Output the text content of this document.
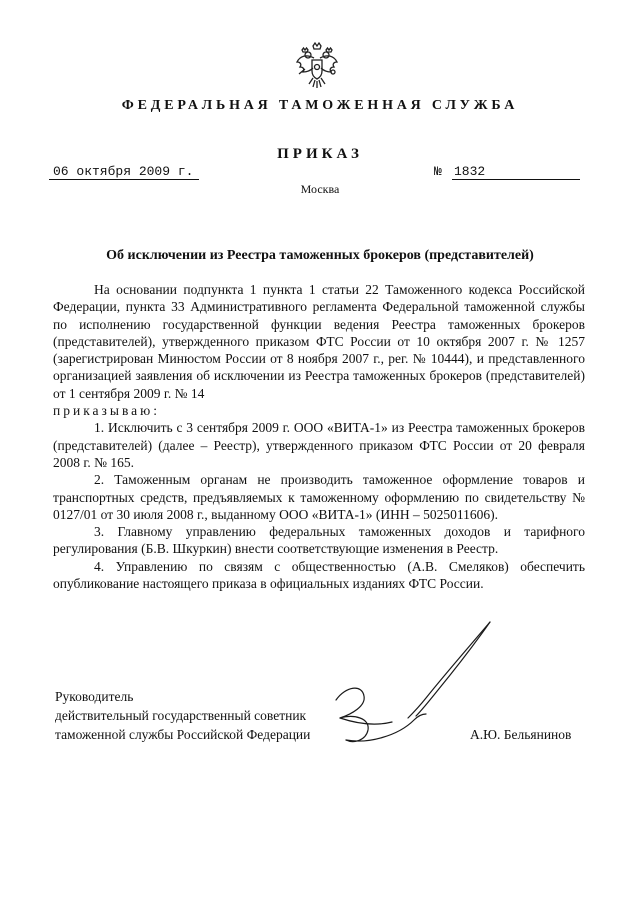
ФЕДЕРАЛЬНАЯ ТАМОЖЕННАЯ СЛУЖБА
ПРИКАЗ
06 октября 2009 г.	№ 1832
Москва
Об исключении из Реестра таможенных брокеров (представителей)

На основании подпункта 1 пункта 1 статьи 22 Таможенного кодекса Российской Федерации, пункта 33 Административного регламента Федеральной таможенной службы по исполнению государственной функции ведения Реестра таможенных брокеров (представителей), утвержденного приказом ФТС России от 10 октября 2007 г. № 1257 (зарегистрирован Минюстом России от 8 ноября 2007 г., рег. № 10444), и представленного организацией заявления об исключении из Реестра таможенных брокеров (представителей) от 1 сентября 2009 г. № 14

приказываю:

1. Исключить с 3 сентября 2009 г. ООО «ВИТА-1» из Реестра таможенных брокеров (представителей) (далее – Реестр), утвержденного приказом ФТС России от 20 февраля 2008 г. № 165.

2. Таможенным органам не производить таможенное оформление товаров и транспортных средств, предъявляемых к таможенному оформлению по свидетельству № 0127/01 от 30 июля 2008 г., выданному ООО «ВИТА-1» (ИНН – 5025011606).

3. Главному управлению федеральных таможенных доходов и тарифного регулирования (Б.В. Шкуркин) внести соответствующие изменения в Реестр.

4. Управлению по связям с общественностью (А.В. Смеляков) обеспечить опубликование настоящего приказа в официальных изданиях ФТС России.

Руководитель
действительный государственный советник
таможенной службы Российской Федерации	А.Ю. Бельянинов
